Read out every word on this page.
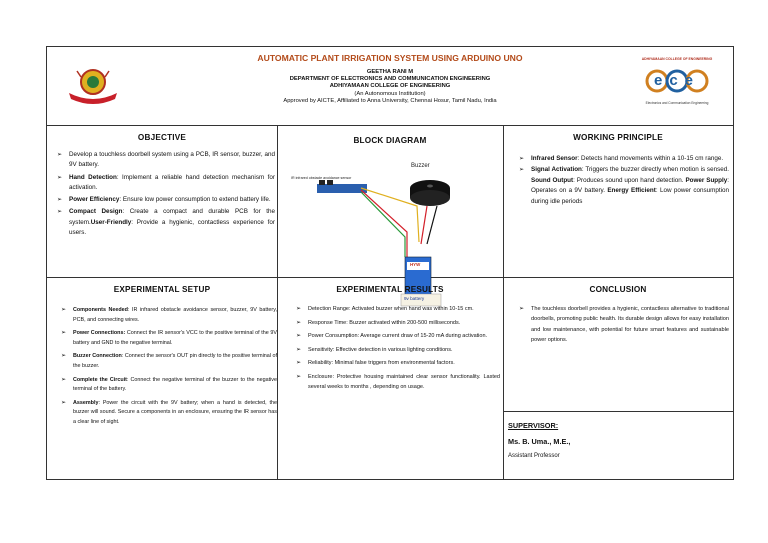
AUTOMATIC PLANT IRRIGATION SYSTEM USING ARDUINO UNO
GEETHA RANI M
DEPARTMENT OF ELECTRONICS AND COMMUNICATION ENGINEERING
ADHIYAMAAN COLLEGE OF ENGINEERING
(An Autonomous Institution)
Approved by AICTE, Affiliated to Anna University, Chennai Hosur, Tamil Nadu, India
ADHIYAMAAN COLLEGE OF ENGINEERING
ece
Electronics and Communication Engineering
OBJECTIVE
➢ Develop a touchless doorbell system using a PCB, IR sensor, buzzer, and 9V battery.
➢ Hand Detection: Implement a reliable hand detection mechanism for activation.
➢ Power Efficiency: Ensure low power consumption to extend battery life.
➢ Compact Design: Create a compact and durable PCB for the system.User-Friendly: Provide a hygienic, contactless experience for users.
BLOCK DIAGRAM
IR infrared obstacle avoidance sensor
Buzzer
HYW
9v battery
WORKING PRINCIPLE
➢ Infrared Sensor: Detects hand movements within a 10-15 cm range.
➢ Signal Activation: Triggers the buzzer directly when motion is sensed. Sound Output: Produces sound upon hand detection. Power Supply: Operates on a 9V battery. Energy Efficient: Low power consumption during idle periods
EXPERIMENTAL SETUP
➢ Components Needed: IR infrared obstacle avoidance sensor, buzzer, 9V battery, PCB, and connecting wires.
➢ Power Connections: Connect the IR sensor's VCC to the positive terminal of the 9V battery and GND to the negative terminal.
➢ Buzzer Connection: Connect the sensor's OUT pin directly to the positive terminal of the buzzer.
➢ Complete the Circuit: Connect the negative terminal of the buzzer to the negative terminal of the battery.
➢ Assembly: Power the circuit with the 9V battery; when a hand is detected, the buzzer will sound. Secure a components in an enclosure, ensuring the IR sensor has a clear line of sight.
EXPERIMENTAL RESULTS
➢ Detection Range: Activated buzzer when hand was within 10-15 cm.
➢ Response Time: Buzzer activated within 200-500 milliseconds.
➢ Power Consumption: Average current draw of 15-20 mA during activation.
➢ Sensitivity: Effective detection in various lighting conditions.
➢ Reliability: Minimal false triggers from environmental factors.
➢ Enclosure: Protective housing maintained clear sensor functionality. Lasted several weeks to months , depending on usage.
CONCLUSION
➢ The touchless doorbell provides a hygienic, contactless alternative to traditional doorbells, promoting public health. Its durable design allows for easy installation and low maintenance, with potential for future smart features and sustainable power options.
SUPERVISOR:
Ms. B. Uma., M.E.,
Assistant Professor
